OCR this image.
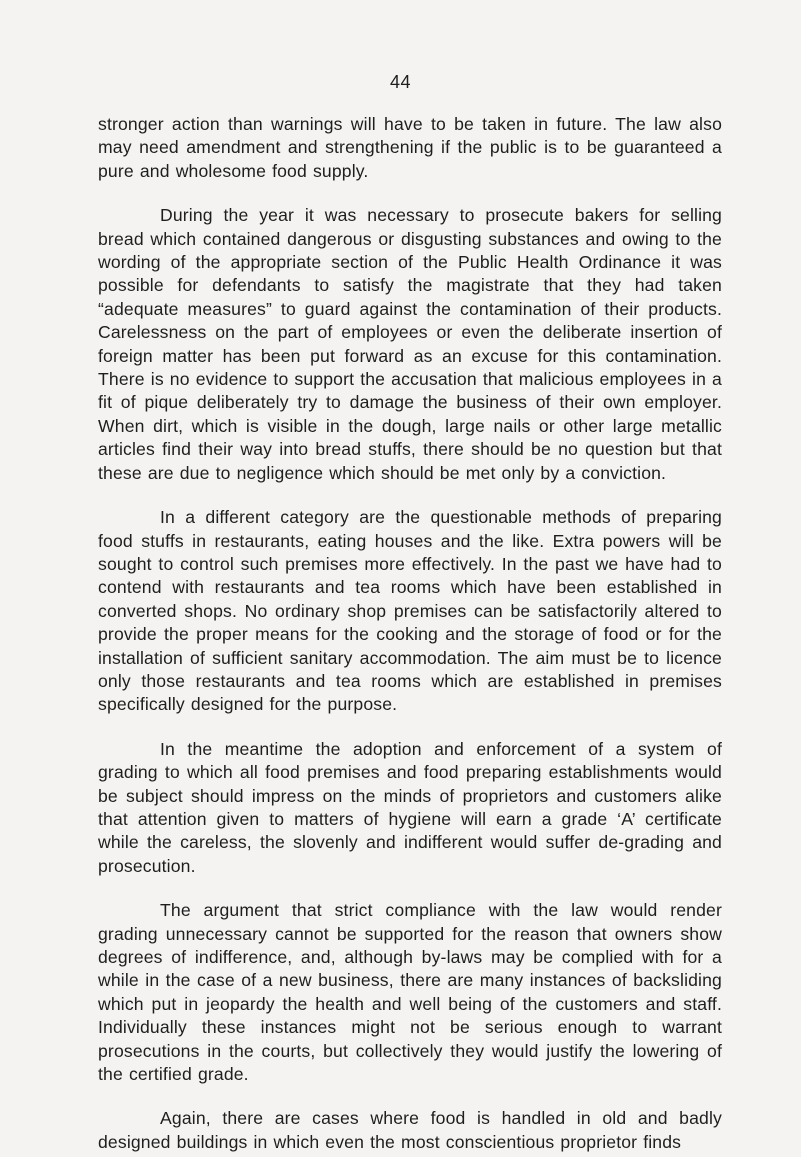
44

stronger action than warnings will have to be taken in future. The law also may need amendment and strengthening if the public is to be guaranteed a pure and wholesome food supply.

During the year it was necessary to prosecute bakers for selling bread which contained dangerous or disgusting substances and owing to the wording of the appropriate section of the Public Health Ordinance it was possible for defendants to satisfy the magistrate that they had taken “adequate measures” to guard against the contamination of their products. Carelessness on the part of employees or even the deliberate insertion of foreign matter has been put forward as an excuse for this contamination. There is no evidence to support the accusation that malicious employees in a fit of pique deliberately try to damage the business of their own employer. When dirt, which is visible in the dough, large nails or other large metallic articles find their way into bread stuffs, there should be no question but that these are due to negligence which should be met only by a conviction.

In a different category are the questionable methods of preparing food stuffs in restaurants, eating houses and the like. Extra powers will be sought to control such premises more effectively. In the past we have had to contend with restaurants and tea rooms which have been established in converted shops. No ordinary shop premises can be satisfactorily altered to provide the proper means for the cooking and the storage of food or for the installation of sufficient sanitary accommodation. The aim must be to licence only those restaurants and tea rooms which are established in premises specifically designed for the purpose.

In the meantime the adoption and enforcement of a system of grading to which all food premises and food preparing establishments would be subject should impress on the minds of proprietors and customers alike that attention given to matters of hygiene will earn a grade ‘A’ certificate while the careless, the slovenly and indifferent would suffer de-grading and prosecution.

The argument that strict compliance with the law would render grading unnecessary cannot be supported for the reason that owners show degrees of indifference, and, although by-laws may be complied with for a while in the case of a new business, there are many instances of backsliding which put in jeopardy the health and well being of the customers and staff. Individually these instances might not be serious enough to warrant prosecutions in the courts, but collectively they would justify the lowering of the certified grade.

Again, there are cases where food is handled in old and badly designed buildings in which even the most conscientious proprietor finds
